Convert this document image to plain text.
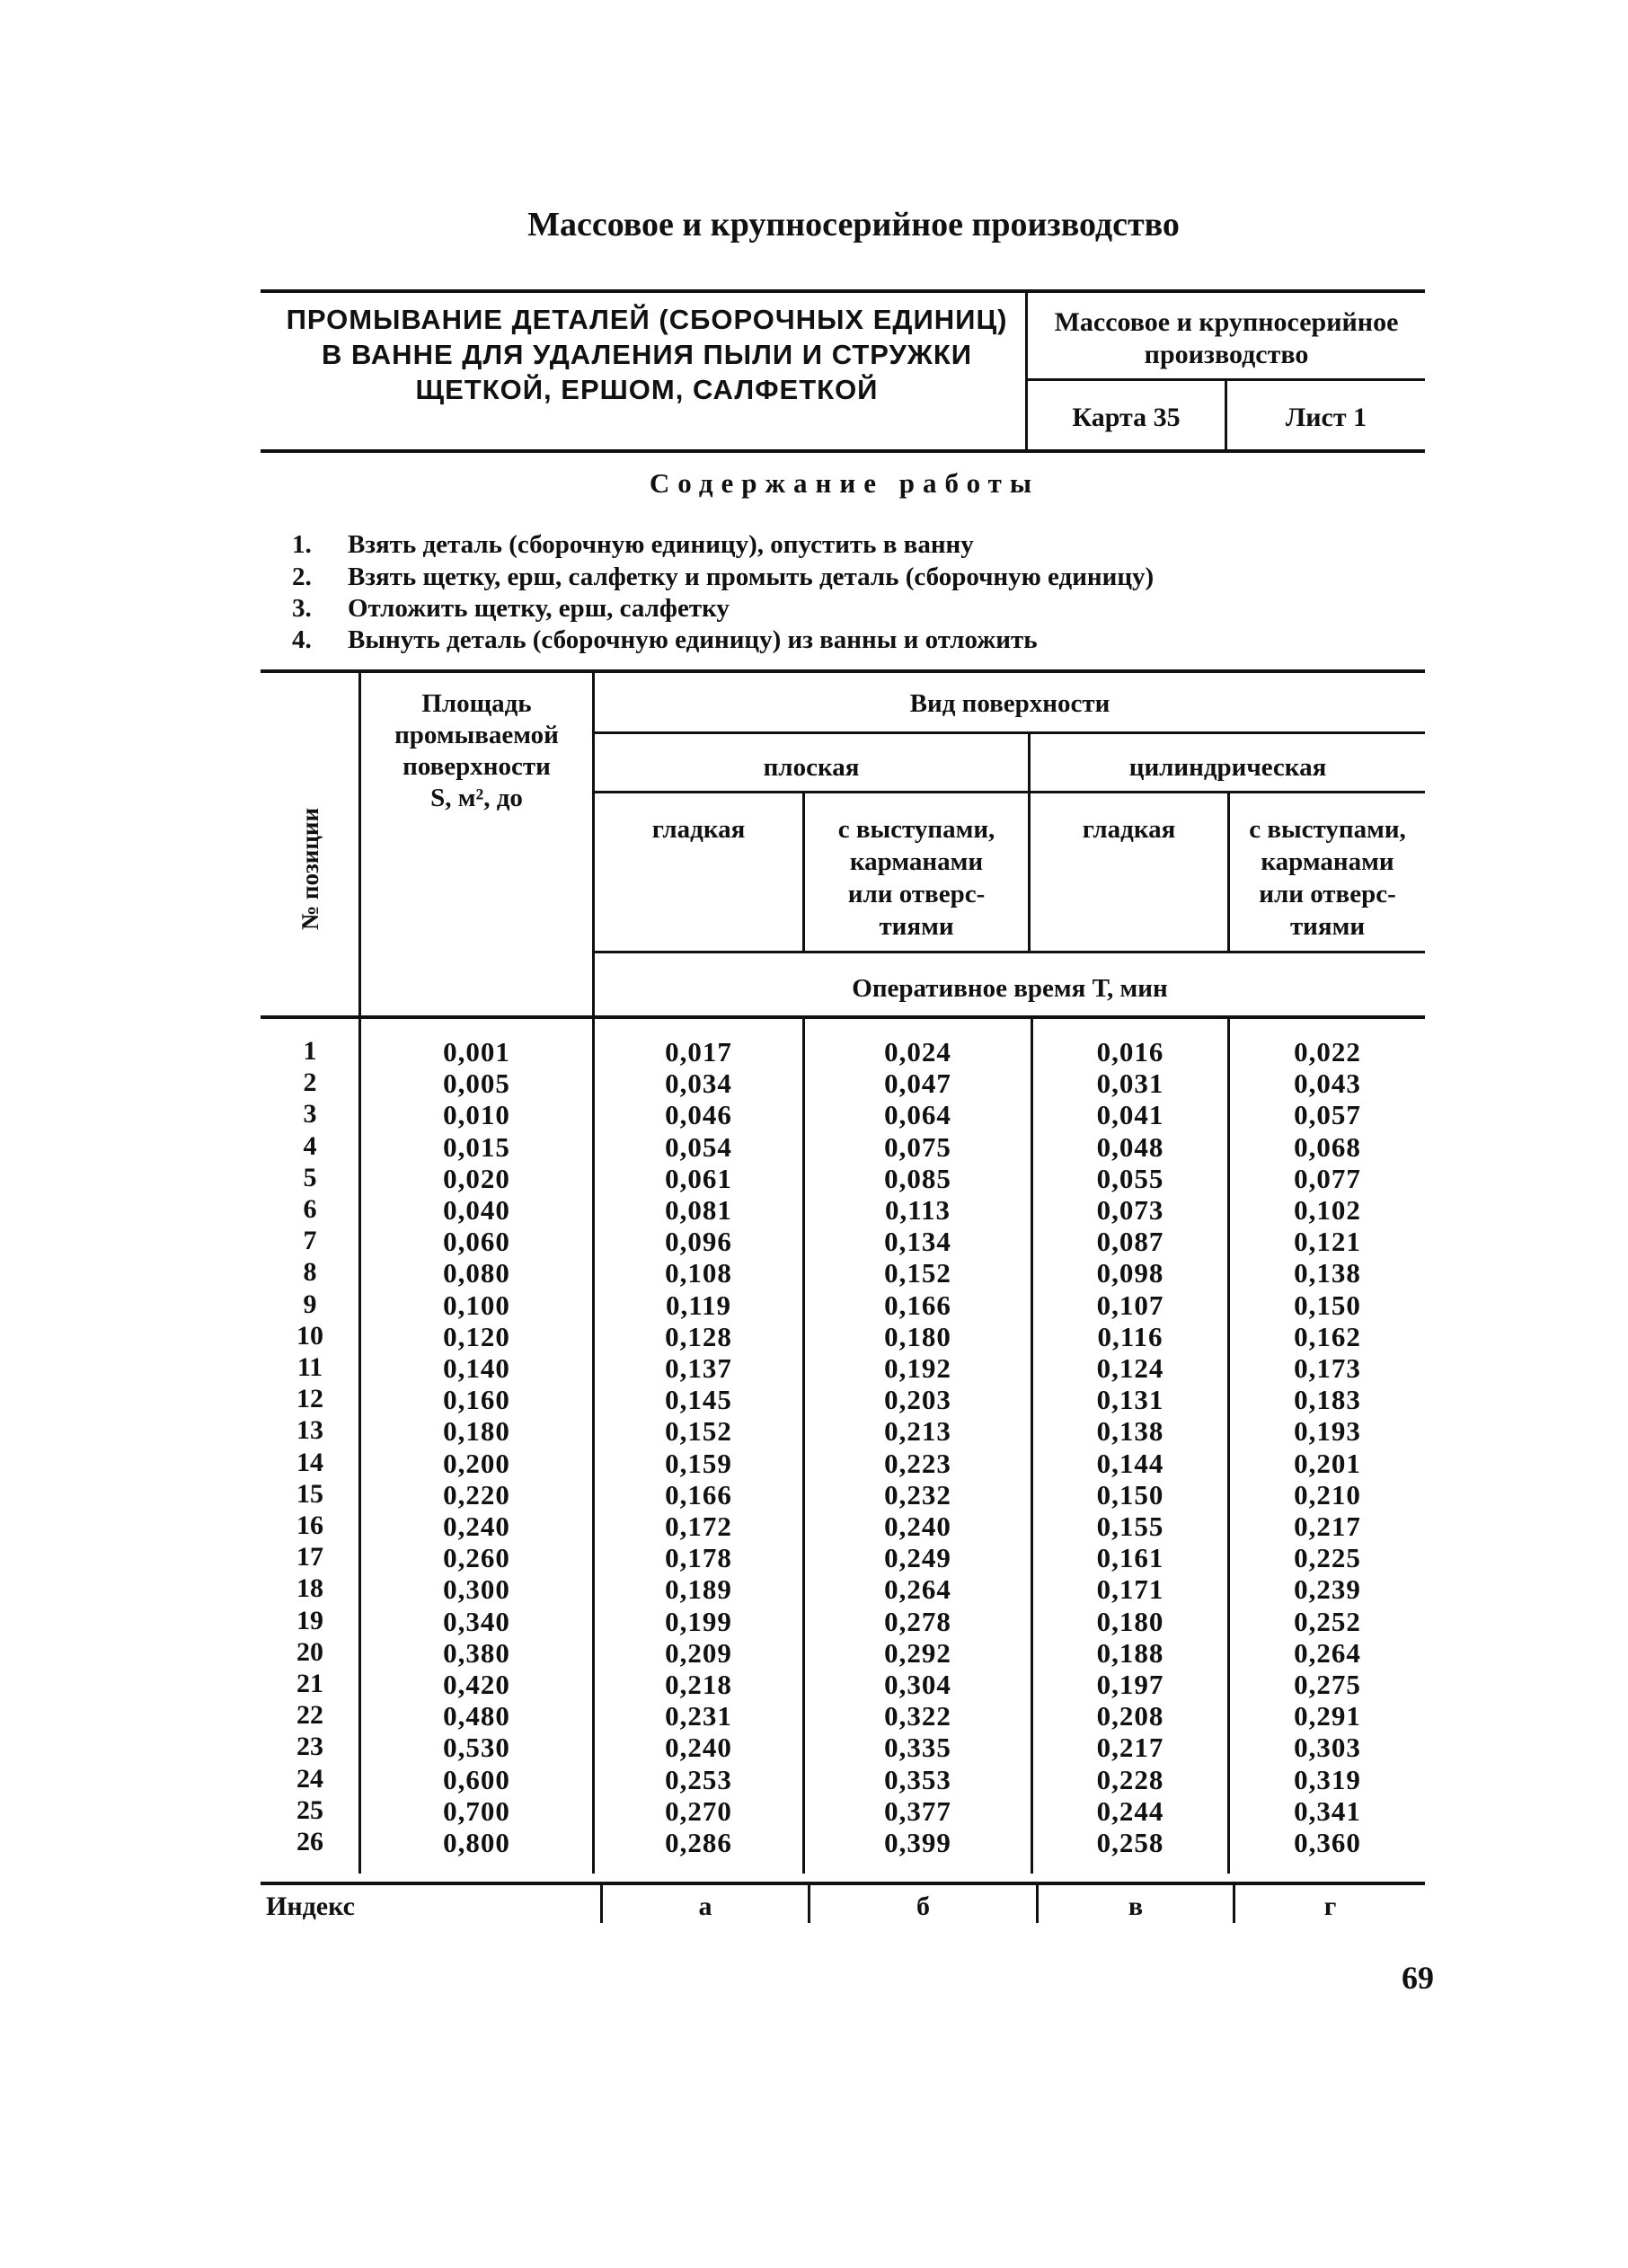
Массовое и крупносерийное производство
ПРОМЫВАНИЕ ДЕТАЛЕЙ (СБОРОЧНЫХ ЕДИНИЦ)
В ВАННЕ ДЛЯ УДАЛЕНИЯ ПЫЛИ И СТРУЖКИ
ЩЕТКОЙ, ЕРШОМ, САЛФЕТКОЙ
Массовое и крупносерийное
производство
Карта 35	Лист 1
Содержание работы
1. Взять деталь (сборочную единицу), опустить в ванну
2. Взять щетку, ерш, салфетку и промыть деталь (сборочную единицу)
3. Отложить щетку, ерш, салфетку
4. Вынуть деталь (сборочную единицу) из ванны и отложить
№ позиции
Площадь
промываемой
поверхности
S, м², до
Вид поверхности
плоская	цилиндрическая
гладкая	с выступами,
карманами
или отверс-
тиями
гладкая	с выступами,
карманами
или отверс-
тиями
Оперативное время Т, мин
1	0,001	0,017	0,024	0,016	0,022
2	0,005	0,034	0,047	0,031	0,043
3	0,010	0,046	0,064	0,041	0,057
4	0,015	0,054	0,075	0,048	0,068
5	0,020	0,061	0,085	0,055	0,077
6	0,040	0,081	0,113	0,073	0,102
7	0,060	0,096	0,134	0,087	0,121
8	0,080	0,108	0,152	0,098	0,138
9	0,100	0,119	0,166	0,107	0,150
10	0,120	0,128	0,180	0,116	0,162
11	0,140	0,137	0,192	0,124	0,173
12	0,160	0,145	0,203	0,131	0,183
13	0,180	0,152	0,213	0,138	0,193
14	0,200	0,159	0,223	0,144	0,201
15	0,220	0,166	0,232	0,150	0,210
16	0,240	0,172	0,240	0,155	0,217
17	0,260	0,178	0,249	0,161	0,225
18	0,300	0,189	0,264	0,171	0,239
19	0,340	0,199	0,278	0,180	0,252
20	0,380	0,209	0,292	0,188	0,264
21	0,420	0,218	0,304	0,197	0,275
22	0,480	0,231	0,322	0,208	0,291
23	0,530	0,240	0,335	0,217	0,303
24	0,600	0,253	0,353	0,228	0,319
25	0,700	0,270	0,377	0,244	0,341
26	0,800	0,286	0,399	0,258	0,360
Индекс	а	б	в	г
69
